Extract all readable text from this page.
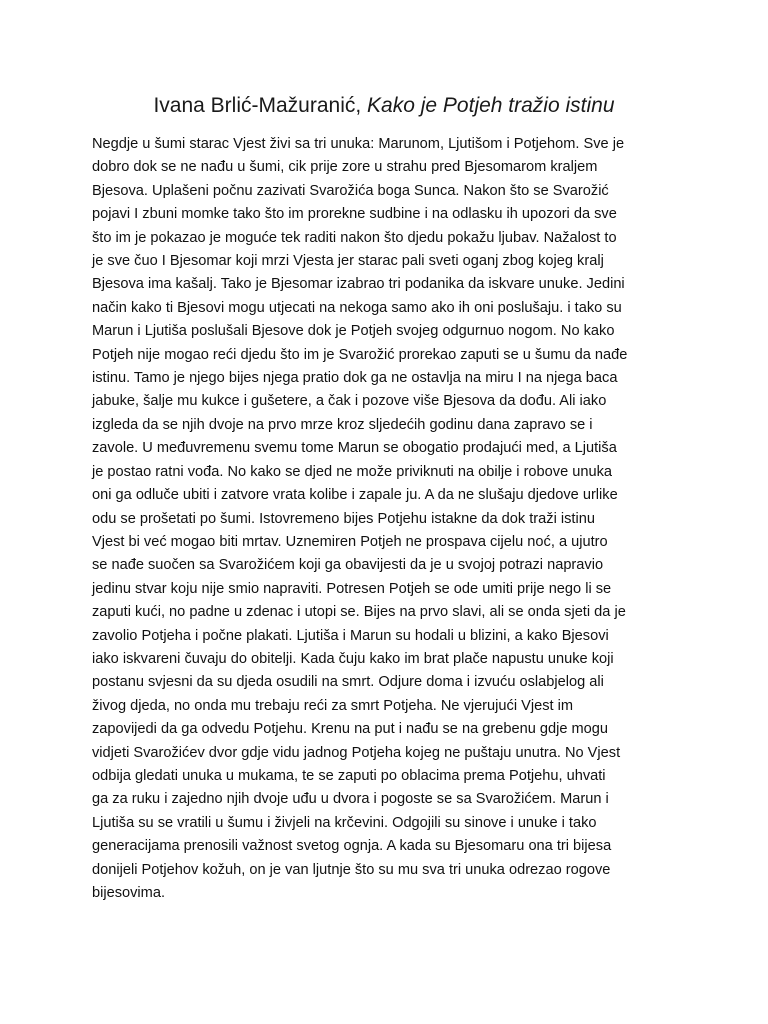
Ivana Brlić-Mažuranić, Kako je Potjeh tražio istinu
Negdje u šumi starac Vjest živi sa tri unuka: Marunom, Ljutišom i Potjehom. Sve je
dobro dok se ne nađu u šumi, cik prije zore u strahu pred Bjesomarom kraljem
Bjesova. Uplašeni počnu zazivati Svarožića boga Sunca. Nakon što se Svarožić
pojavi I zbuni momke tako što im prorekne sudbine i na odlasku ih upozori da sve
što im je pokazao je moguće tek raditi nakon što djedu pokažu ljubav. Nažalost to
je sve čuo I Bjesomar koji mrzi Vjesta jer starac pali sveti oganj zbog kojeg kralj
Bjesova ima kašalj. Tako je Bjesomar izabrao tri podanika da iskvare unuke. Jedini
način kako ti Bjesovi mogu utjecati na nekoga samo ako ih oni poslušaju. i tako su
Marun i Ljutiša poslušali Bjesove dok je Potjeh svojeg odgurnuo nogom. No kako
Potjeh nije mogao reći djedu što im je Svarožić prorekao zaputi se u šumu da nađe
istinu. Tamo je njego bijes njega pratio dok ga ne ostavlja na miru I na njega baca
jabuke, šalje mu kukce i gušetere, a čak i pozove više Bjesova da dođu. Ali iako
izgleda da se njih dvoje na prvo mrze kroz sljedećih godinu dana zapravo se i
zavole. U međuvremenu svemu tome Marun se obogatio prodajući med, a Ljutiša
je postao ratni vođa. No kako se djed ne može priviknuti na obilje i robove unuka
oni ga odluče ubiti i zatvore vrata kolibe i zapale ju. A da ne slušaju djedove urlike
odu se prošetati po šumi. Istovremeno bijes Potjehu istakne da dok traži istinu
Vjest bi već mogao biti mrtav. Uznemiren Potjeh ne prospava cijelu noć, a ujutro
se nađe suočen sa Svarožićem koji ga obavijesti da je u svojoj potrazi napravio
jedinu stvar koju nije smio napraviti. Potresen Potjeh se ode umiti prije nego li se
zaputi kući, no padne u zdenac i utopi se. Bijes na prvo slavi, ali se onda sjeti da je
zavolio Potjeha i počne plakati. Ljutiša i Marun su hodali u blizini, a kako Bjesovi
iako iskvareni čuvaju do obitelji. Kada čuju kako im brat plače napustu unuke koji
postanu svjesni da su djeda osudili na smrt. Odjure doma i izvuću oslabjelog ali
živog djeda, no onda mu trebaju reći za smrt Potjeha. Ne vjerujući Vjest im
zapovijedi da ga odvedu Potjehu. Krenu na put i nađu se na grebenu gdje mogu
vidjeti Svarožićev dvor gdje vidu jadnog Potjeha kojeg ne puštaju unutra. No Vjest
odbija gledati unuka u mukama, te se zaputi po oblacima prema Potjehu, uhvati
ga za ruku i zajedno njih dvoje uđu u dvora i pogoste se sa Svarožićem. Marun i
Ljutiša su se vratili u šumu i živjeli na krčevini. Odgojili su sinove i unuke i tako
generacijama prenosili važnost svetog ognja. A kada su Bjesomaru ona tri bijesa
donijeli Potjehov kožuh, on je van ljutnje što su mu sva tri unuka odrezao rogove
bijesovima.
